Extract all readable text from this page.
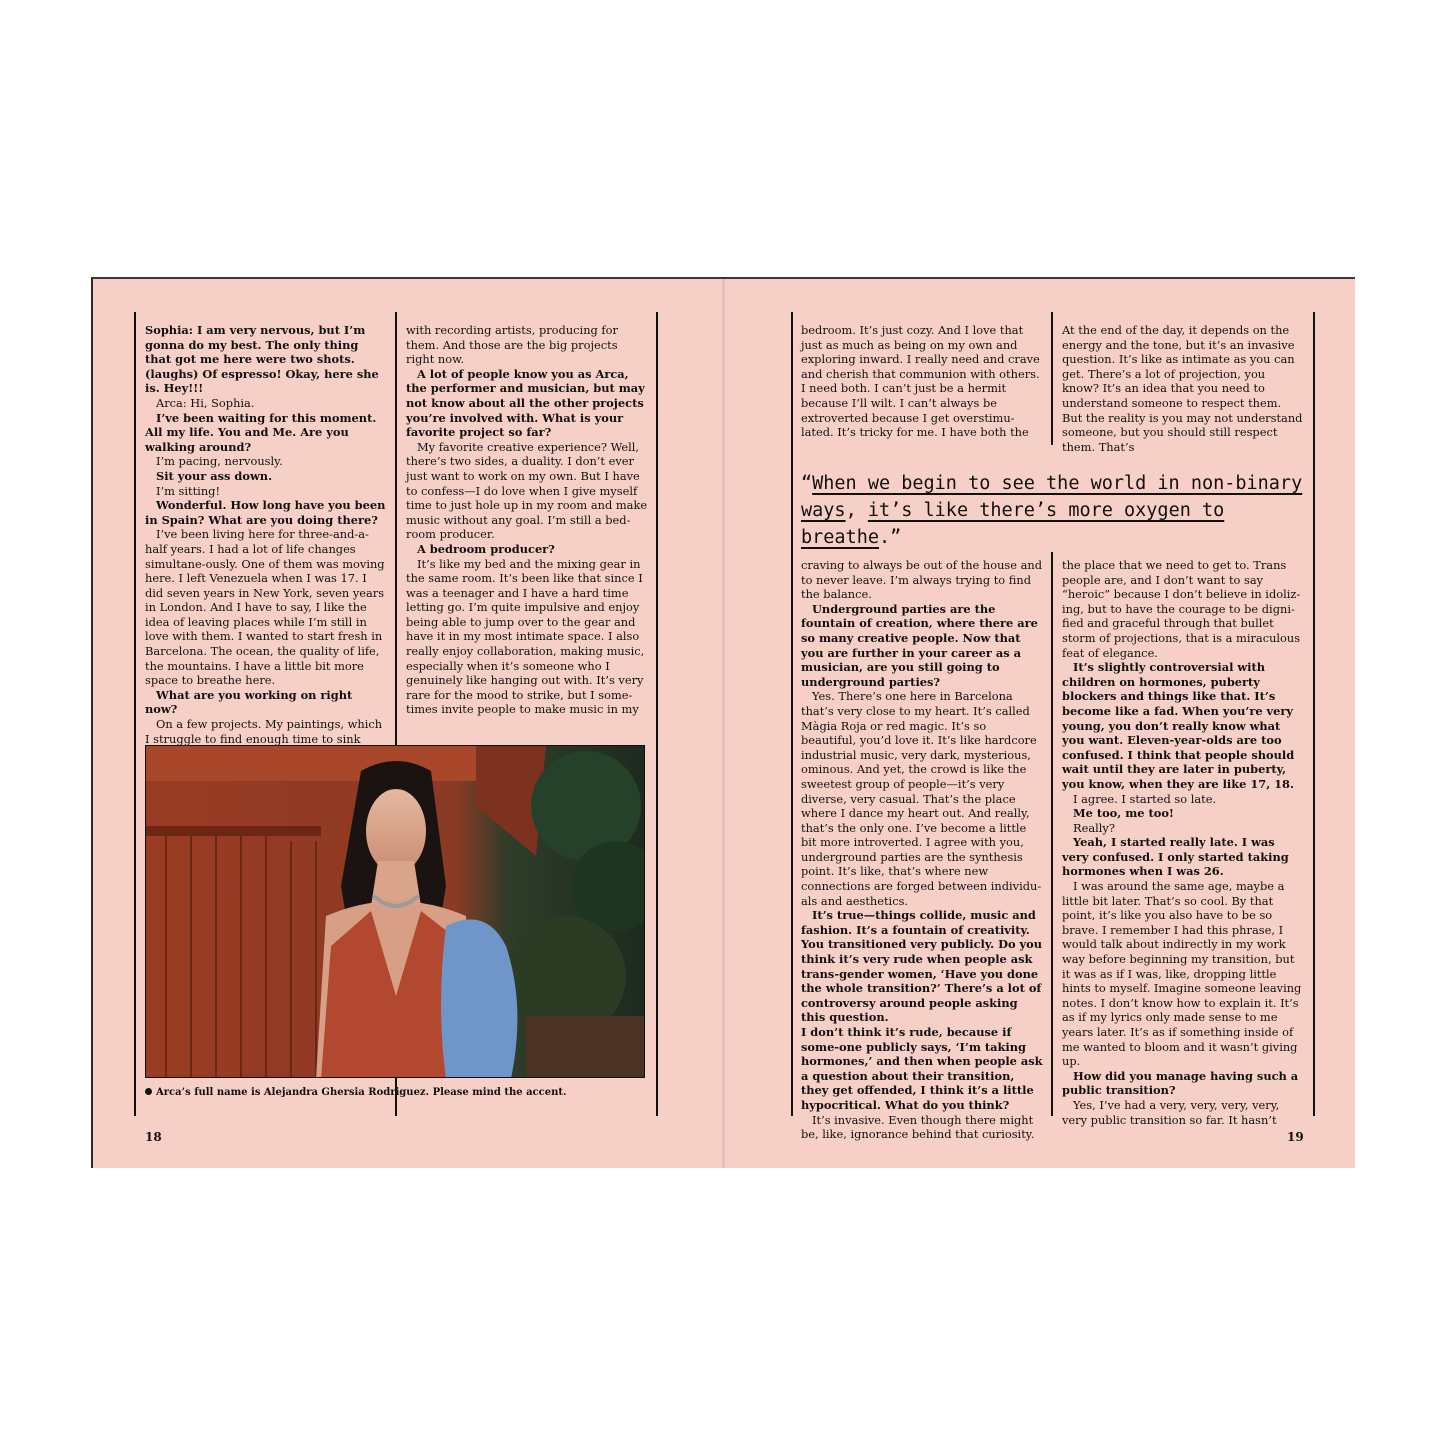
Sophia: I am very nervous, but I’m gonna do my best. The only thing that got me here were two shots. (laughs) Of espresso! Okay, here she is. Hey!!!

Arca: Hi, Sophia.

I’ve been waiting for this moment. All my life. You and Me. Are you walking around?

I’m pacing, nervously.

Sit your ass down.

I’m sitting!

Wonderful. How long have you been in Spain? What are you doing there?

I’ve been living here for three-and-a-half years. I had a lot of life changes simultane-ously. One of them was moving here. I left Venezuela when I was 17. I did seven years in New York, seven years in London. And I have to say, I like the idea of leaving places while I’m still in love with them. I wanted to start fresh in Barcelona. The ocean, the quality of life, the mountains. I have a little bit more space to breathe here.

What are you working on right now?

On a few projects. My paintings, which I struggle to find enough time to sink

with recording artists, producing for them. And those are the big projects right now.

A lot of people know you as Arca, the performer and musician, but may not know about all the other projects you’re involved with. What is your favorite project so far?

My favorite creative experience? Well, there’s two sides, a duality. I don’t ever just want to work on my own. But I have to confess—I do love when I give myself time to just hole up in my room and make music without any goal. I’m still a bed-room producer.

A bedroom producer?

It’s like my bed and the mixing gear in the same room. It’s been like that since I was a teenager and I have a hard time letting go. I’m quite impulsive and enjoy being able to jump over to the gear and have it in my most intimate space. I also really enjoy collaboration, making music, especially when it’s someone who I genuinely like hanging out with. It’s very rare for the mood to strike, but I some-times invite people to make music in my

Arca’s full name is Alejandra Ghersia Rodriguez. Please mind the accent.
18

bedroom. It’s just cozy. And I love that just as much as being on my own and exploring inward. I really need and crave and cherish that communion with others. I need both. I can’t just be a hermit because I’ll wilt. I can’t always be extroverted because I get overstimu-lated. It’s tricky for me. I have both the

At the end of the day, it depends on the energy and the tone, but it’s an invasive question. It’s like as intimate as you can get. There’s a lot of projection, you know? It’s an idea that you need to understand someone to respect them. But the reality is you may not understand someone, but you should still respect them. That’s

“When we begin to see the world in non-binary
ways, it’s like there’s more oxygen to breathe.”

craving to always be out of the house and to never leave. I’m always trying to find the balance.

Underground parties are the fountain of creation, where there are so many creative people. Now that you are further in your career as a musician, are you still going to underground parties?

Yes. There’s one here in Barcelona that’s very close to my heart. It’s called Màgia Roja or red magic. It’s so beautiful, you’d love it. It’s like hardcore industrial music, very dark, mysterious, ominous. And yet, the crowd is like the sweetest group of people—it’s very diverse, very casual. That’s the place where I dance my heart out. And really, that’s the only one. I’ve become a little bit more introverted. I agree with you, underground parties are the synthesis point. It’s like, that’s where new connections are forged between individu-als and aesthetics.

It’s true—things collide, music and fashion. It’s a fountain of creativity. You transitioned very publicly. Do you think it’s very rude when people ask trans-gender women, ‘Have you done the whole transition?’ There’s a lot of controversy around people asking this question.

I don’t think it’s rude, because if some-one publicly says, ‘I’m taking hormones,’ and then when people ask a question about their transition, they get offended, I think it’s a little hypocritical. What do you think?

It’s invasive. Even though there might be, like, ignorance behind that curiosity.

the place that we need to get to. Trans people are, and I don’t want to say “heroic” because I don’t believe in idoliz-ing, but to have the courage to be digni-fied and graceful through that bullet storm of projections, that is a miraculous feat of elegance.

It’s slightly controversial with children on hormones, puberty blockers and things like that. It’s become like a fad. When you’re very young, you don’t really know what you want. Eleven-year-olds are too confused. I think that people should wait until they are later in puberty, you know, when they are like 17, 18.

I agree. I started so late.

Me too, me too!

Really?

Yeah, I started really late. I was very confused. I only started taking hormones when I was 26.

I was around the same age, maybe a little bit later. That’s so cool. By that point, it’s like you also have to be so brave. I remember I had this phrase, I would talk about indirectly in my work way before beginning my transition, but it was as if I was, like, dropping little hints to myself. Imagine someone leaving notes. I don’t know how to explain it. It’s as if my lyrics only made sense to me years later. It’s as if something inside of me wanted to bloom and it wasn’t giving up.

How did you manage having such a public transition?

Yes, I’ve had a very, very, very, very, very public transition so far. It hasn’t

19
